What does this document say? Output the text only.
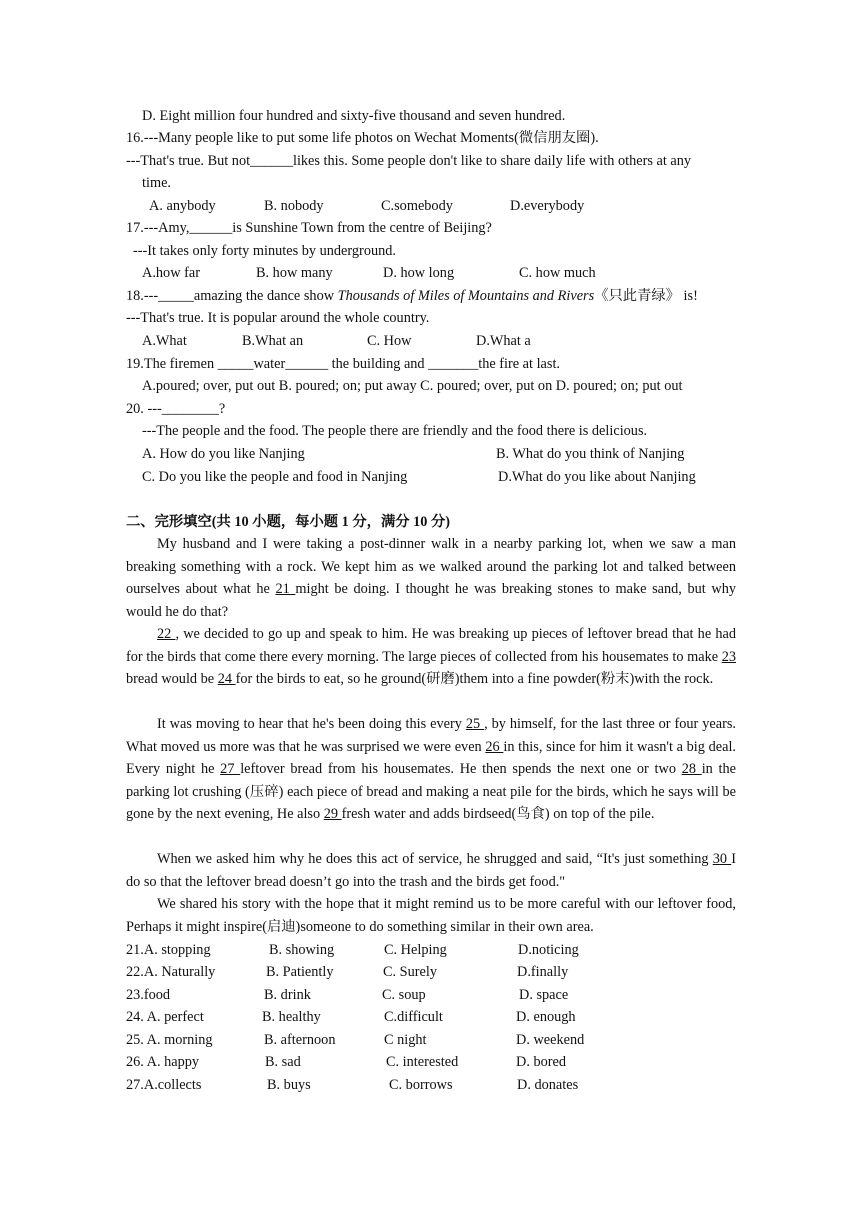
D. Eight million four hundred and sixty-five thousand and seven hundred.
16.---Many people like to put some life photos on Wechat Moments(微信朋友圈).
---That's true. But not______likes this. Some people don't like to share daily life with others at any
time.
A. anybody	B. nobody	C.somebody	D.everybody
17.---Amy,______is Sunshine Town from the centre of Beijing?
---It takes only forty minutes by underground.
A.how far	B. how many	D. how long	C. how much
18.---_____amazing the dance show Thousands of Miles of Mountains and Rivers《只此青绿》 is!
---That's true. It is popular around the whole country.
A.What	B.What an	C. How	D.What a
19.The firemen _____water______ the building and _______the fire at last.
A.poured; over, put out B. poured; on; put away C. poured; over, put on D. poured; on; put out
20. ---________?
---The people and the food. The people there are friendly and the food there is delicious.
A. How do you like Nanjing	B. What do you think of Nanjing
C. Do you like the people and food in Nanjing	D.What do you like about Nanjing
二、完形填空(共 10 小题，每小题 1 分，满分 10 分)
My husband and I were taking a post-dinner walk in a nearby parking lot, when we saw a man breaking something with a rock. We kept him as we walked around the parking lot and talked between ourselves about what he 21 might be doing. I thought he was breaking stones to make sand, but why would he do that?
22 , we decided to go up and speak to him. He was breaking up pieces of leftover bread that he had for the birds that come there every morning. The large pieces of collected from his housemates to make 23 bread would be 24 for the birds to eat, so he ground(研磨)them into a fine powder(粉末)with the rock.
It was moving to hear that he's been doing this every 25 , by himself, for the last three or four years. What moved us more was that he was surprised we were even 26 in this, since for him it wasn't a big deal. Every night he 27 leftover bread from his housemates. He then spends the next one or two 28 in the parking lot crushing (压碎) each piece of bread and making a neat pile for the birds, which he says will be gone by the next evening, He also 29 fresh water and adds birdseed(鸟食) on top of the pile.
When we asked him why he does this act of service, he shrugged and said, “It's just something 30 I do so that the leftover bread doesn’t go into the trash and the birds get food."
We shared his story with the hope that it might remind us to be more careful with our leftover food, Perhaps it might inspire(启迪)someone to do something similar in their own area.
21.A. stopping	B. showing	C. Helping	D.noticing
22.A. Naturally	B. Patiently	C. Surely	D.finally
23.food	B. drink	C. soup	D. space
24. A. perfect	B. healthy	C.difficult	D. enough
25. A. morning	B. afternoon	C night	D. weekend
26. A. happy	B. sad	C. interested	D. bored
27.A.collects	B. buys	C. borrows	D. donates
